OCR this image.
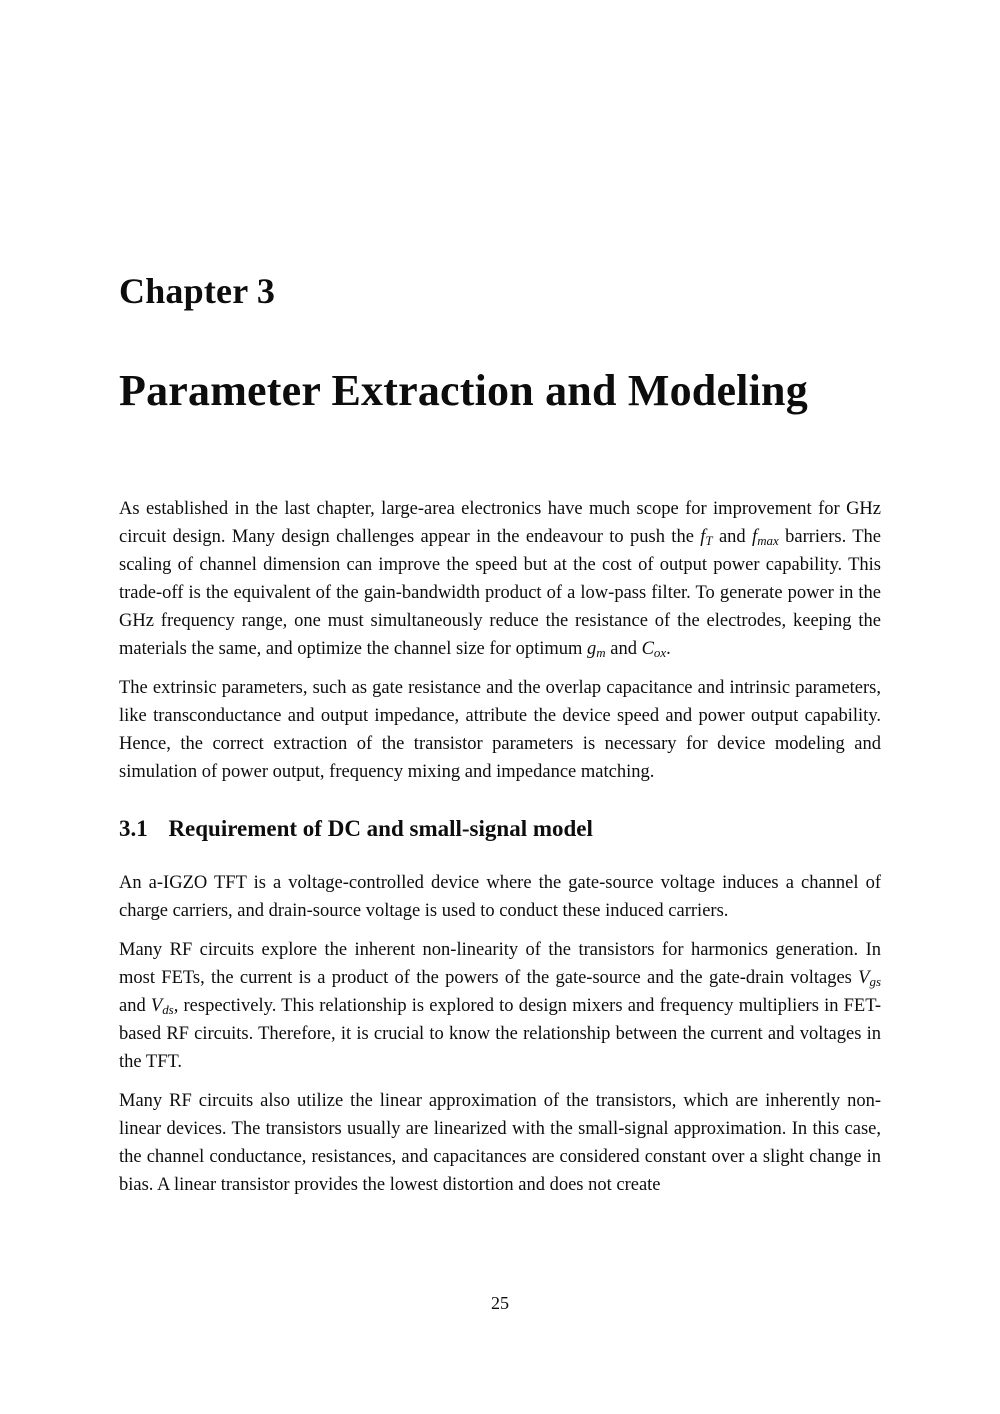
Chapter 3
Parameter Extraction and Modeling

As established in the last chapter, large-area electronics have much scope for improvement for GHz circuit design. Many design challenges appear in the endeavour to push the $f_T$ and $f_{max}$ barriers. The scaling of channel dimension can improve the speed but at the cost of output power capability. This trade-off is the equivalent of the gain-bandwidth product of a low-pass filter. To generate power in the GHz frequency range, one must simultaneously reduce the resistance of the electrodes, keeping the materials the same, and optimize the channel size for optimum $g_m$ and $C_{ox}$.

The extrinsic parameters, such as gate resistance and the overlap capacitance and intrinsic parameters, like transconductance and output impedance, attribute the device speed and power output capability. Hence, the correct extraction of the transistor parameters is necessary for device modeling and simulation of power output, frequency mixing and impedance matching.

3.1 Requirement of DC and small-signal model

An a-IGZO TFT is a voltage-controlled device where the gate-source voltage induces a channel of charge carriers, and drain-source voltage is used to conduct these induced carriers.

Many RF circuits explore the inherent non-linearity of the transistors for harmonics generation. In most FETs, the current is a product of the powers of the gate-source and the gate-drain voltages $V_{gs}$ and $V_{ds}$, respectively. This relationship is explored to design mixers and frequency multipliers in FET-based RF circuits. Therefore, it is crucial to know the relationship between the current and voltages in the TFT.

Many RF circuits also utilize the linear approximation of the transistors, which are inherently non-linear devices. The transistors usually are linearized with the small-signal approximation. In this case, the channel conductance, resistances, and capacitances are considered constant over a slight change in bias. A linear transistor provides the lowest distortion and does not create

25
